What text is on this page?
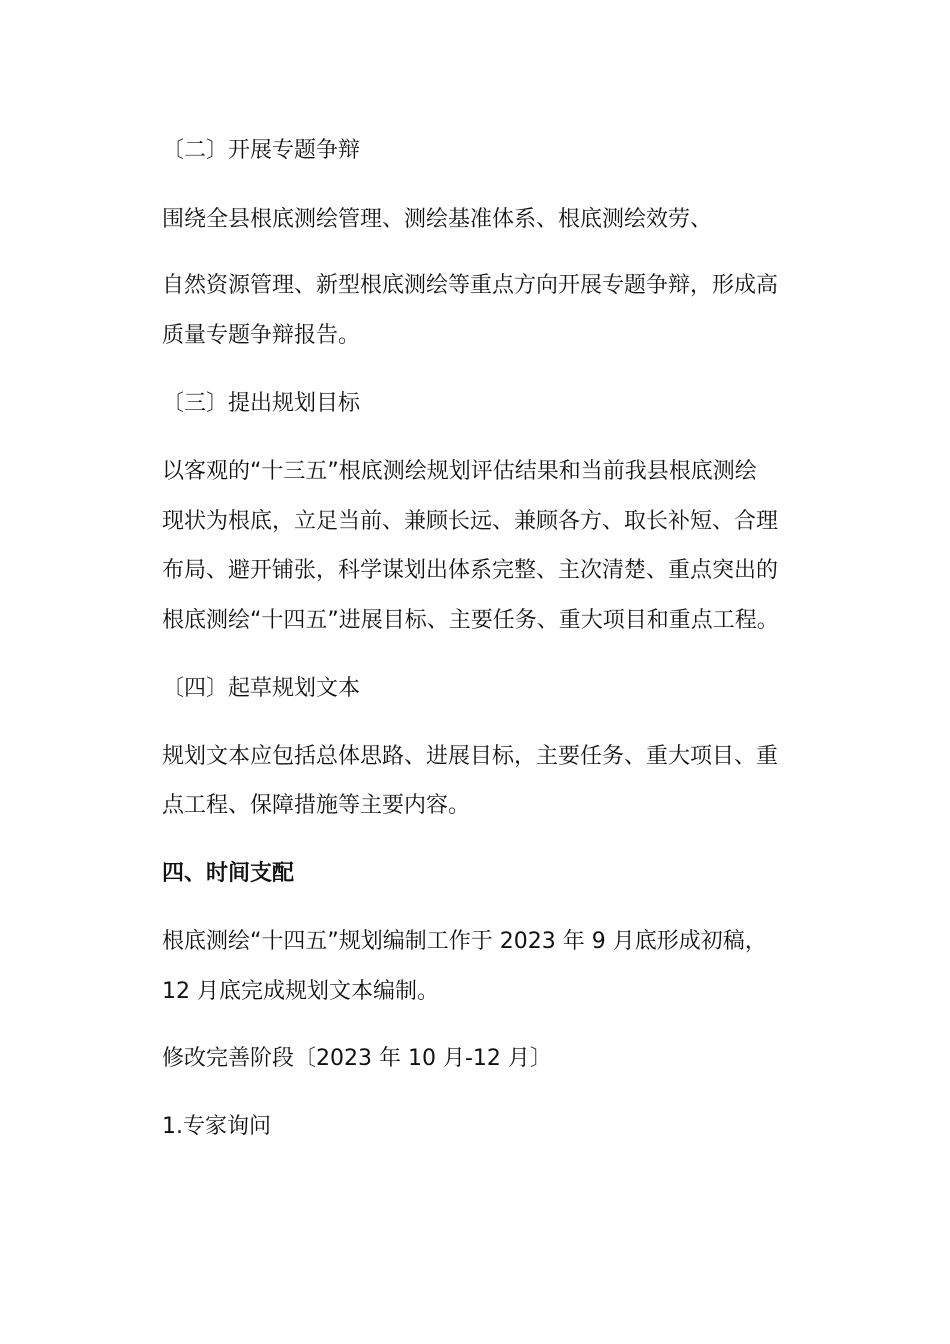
〔二〕开展专题争辩
围绕全县根底测绘管理、测绘基准体系、根底测绘效劳、
自然资源管理、新型根底测绘等重点方向开展专题争辩，形成高
质量专题争辩报告。
〔三〕提出规划目标
以客观的“十三五”根底测绘规划评估结果和当前我县根底测绘
现状为根底，立足当前、兼顾长远、兼顾各方、取长补短、合理
布局、避开铺张，科学谋划出体系完整、主次清楚、重点突出的
根底测绘“十四五”进展目标、主要任务、重大项目和重点工程。
〔四〕起草规划文本
规划文本应包括总体思路、进展目标，主要任务、重大项目、重
点工程、保障措施等主要内容。
四、时间支配
根底测绘“十四五”规划编制工作于 2023 年 9 月底形成初稿，
12 月底完成规划文本编制。
修改完善阶段〔2023 年 10 月-12 月〕
1.专家询问
